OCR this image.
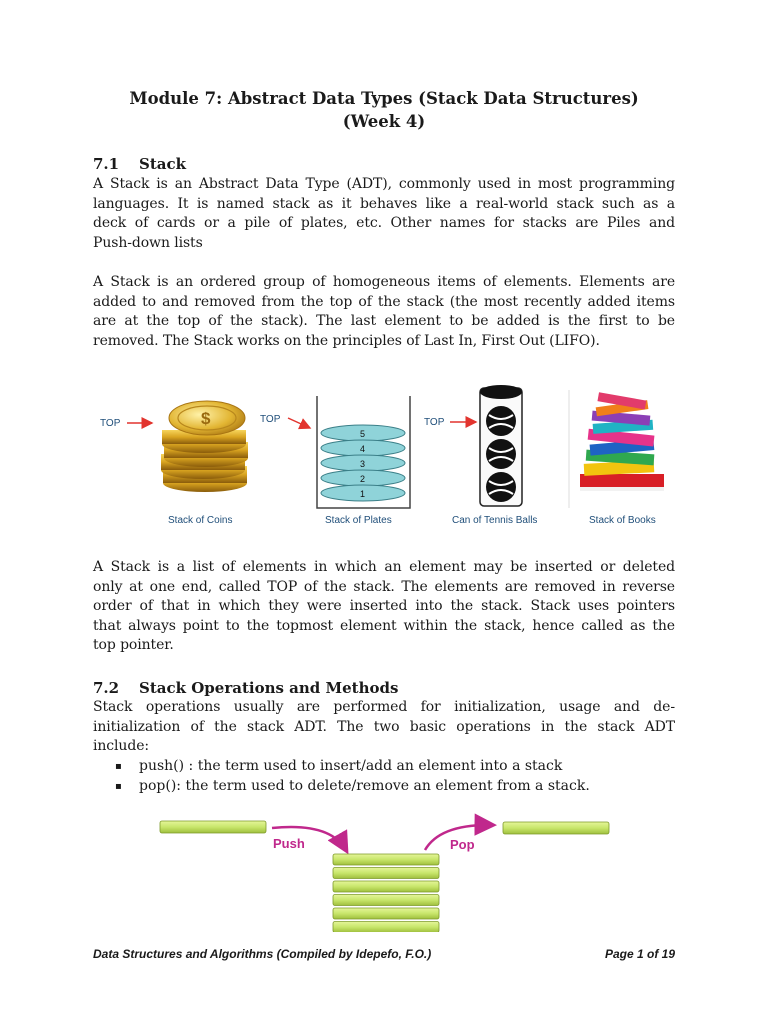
Module 7: Abstract Data Types (Stack Data Structures)
(Week 4)
7.1 Stack
A Stack is an Abstract Data Type (ADT), commonly used in most programming
languages. It is named stack as it behaves like a real-world stack such as a
deck of cards or a pile of plates, etc. Other names for stacks are Piles and
Push-down lists
A Stack is an ordered group of homogeneous items of elements. Elements are
added to and removed from the top of the stack (the most recently added items
are at the top of the stack). The last element to be added is the first to be
removed. The Stack works on the principles of Last In, First Out (LIFO).
TOP	$
Stack of Coins
TOP
5
4
3
2
1
Stack of Plates
TOP
Can of Tennis Balls	Stack of Books
A Stack is a list of elements in which an element may be inserted or deleted
only at one end, called TOP of the stack. The elements are removed in reverse
order of that in which they were inserted into the stack. Stack uses pointers
that always point to the topmost element within the stack, hence called as the
top pointer.
7.2 Stack Operations and Methods
Stack operations usually are performed for initialization, usage and de-
initialization of the stack ADT. The two basic operations in the stack ADT
include:
▪ push() : the term used to insert/add an element into a stack
▪ pop(): the term used to delete/remove an element from a stack.
Push	Pop
Data Structures and Algorithms (Compiled by Idepefo, F.O.)	Page 1 of 19
